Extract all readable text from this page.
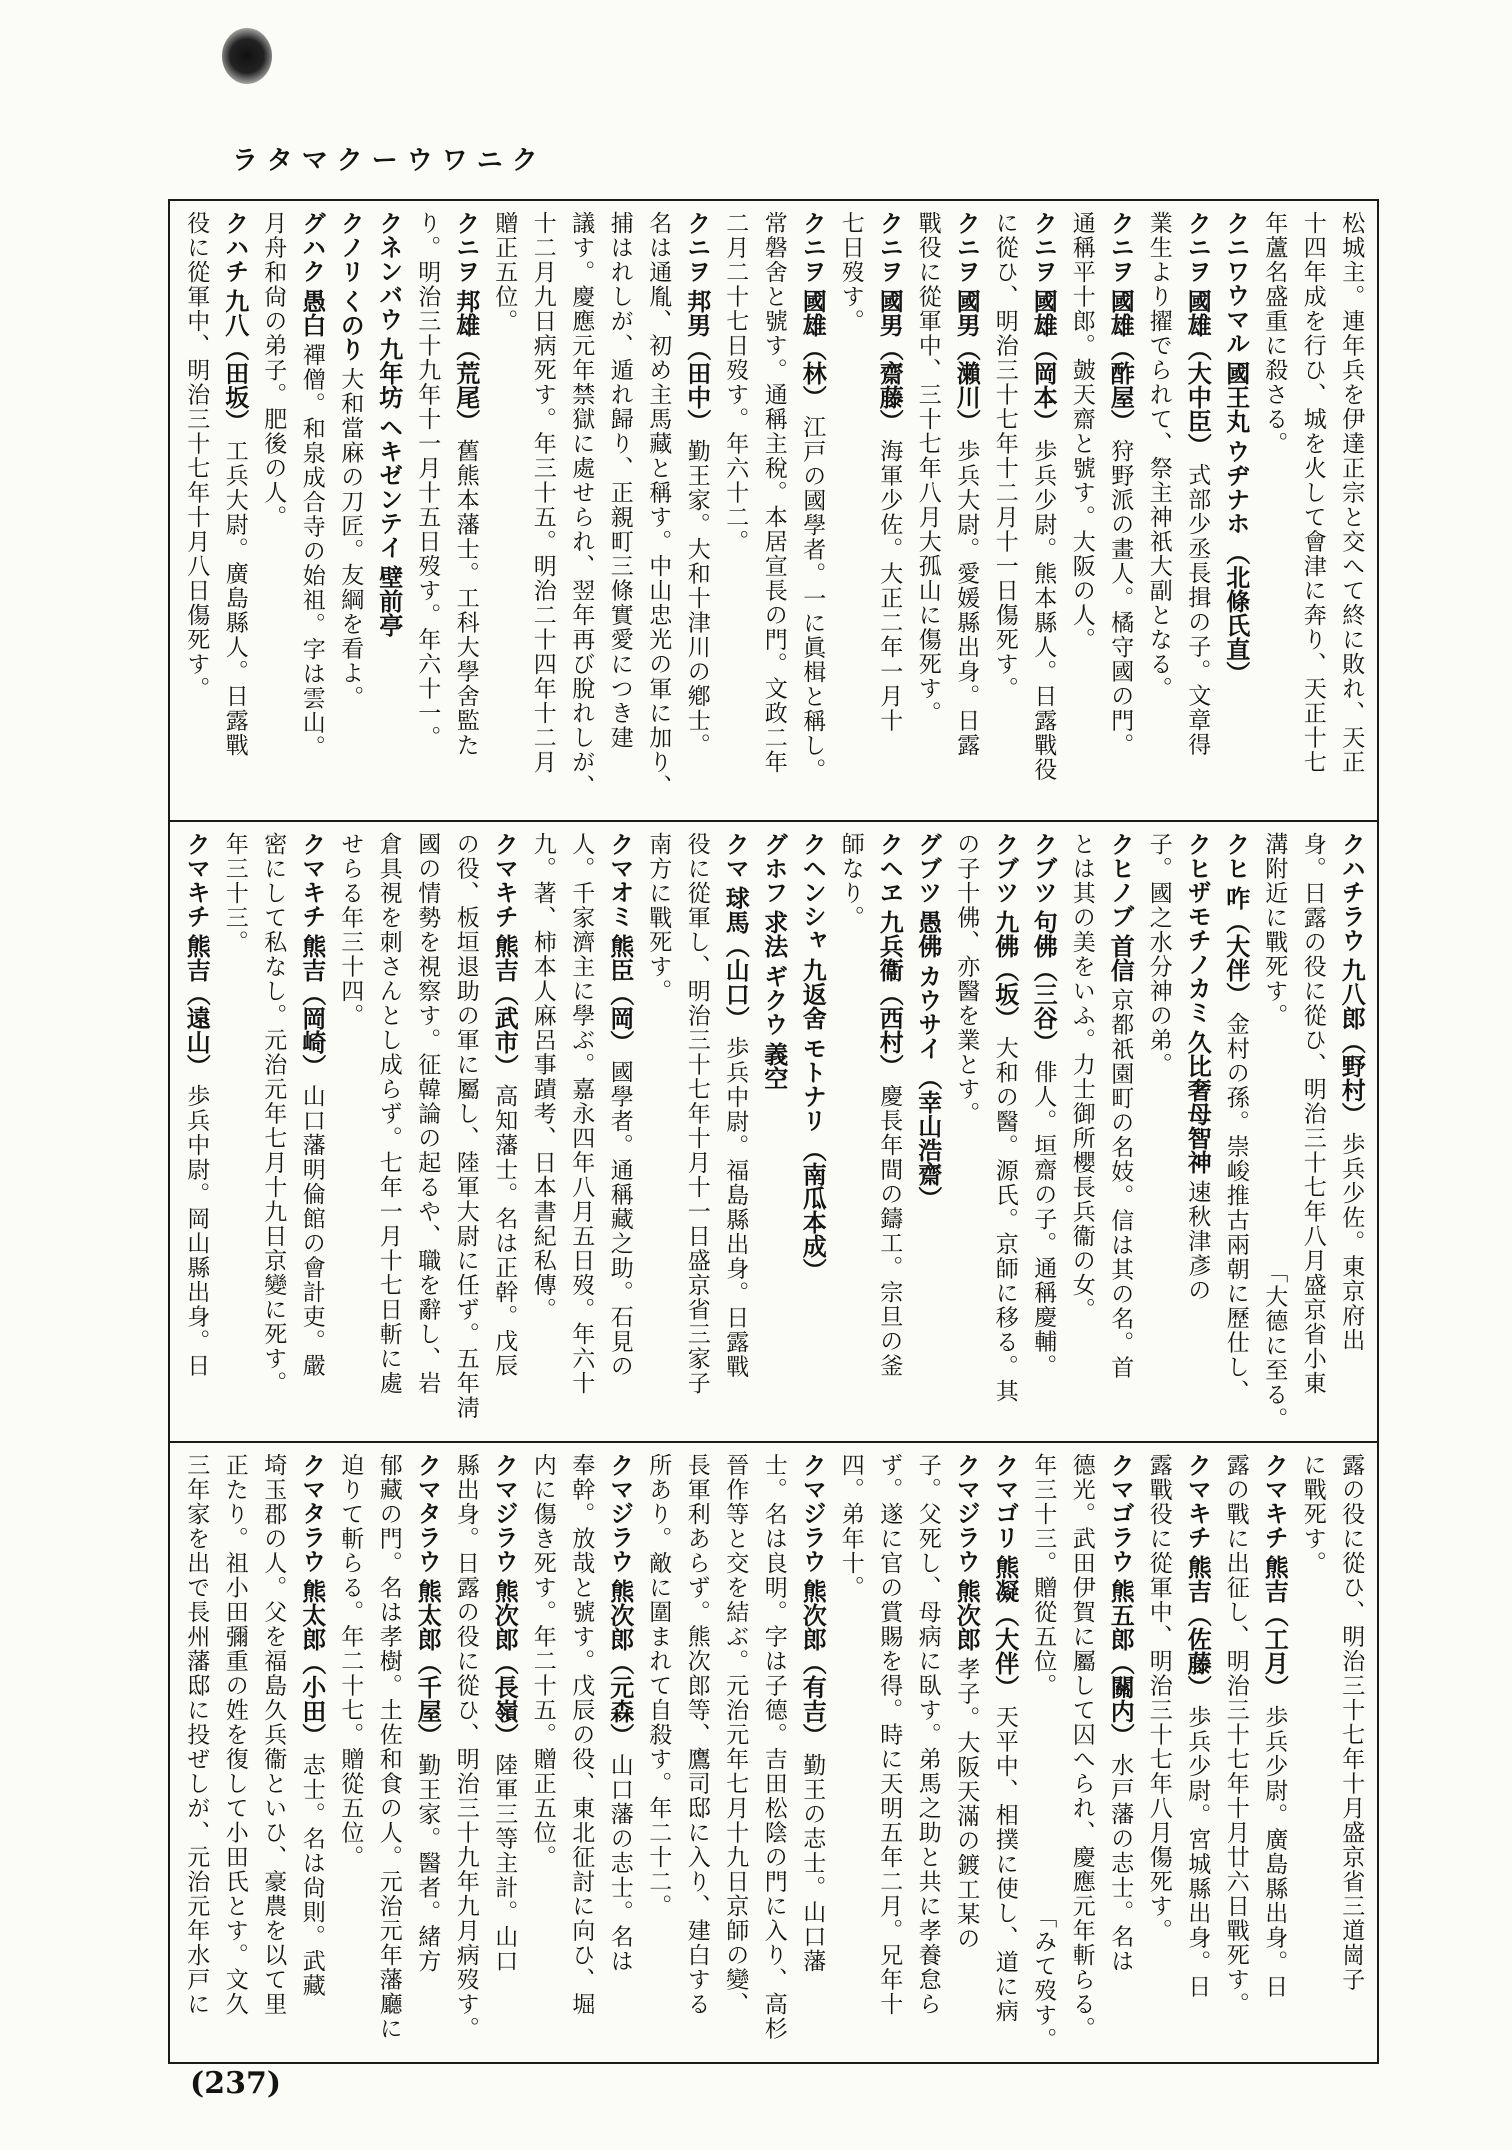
ラタマクーウワニク
松城主。連年兵を伊達正宗と交へて終に敗れ、天正
十四年成を行ひ、城を火して會津に奔り、天正十七
年蘆名盛重に殺さる。
クニワウマル
國王丸
ウヂナホ
（北條氏直）
クニヲ
國雄（大中臣）
式部少丞長揖の子。文章得
業生より擢でられて、祭主神祇大副となる。
クニヲ
國雄（酢屋）
狩野派の畫人。橘守國の門。
通稱平十郎。皷天齋と號す。大阪の人。
クニヲ
國雄（岡本）
歩兵少尉。熊本縣人。日露戰役
に從ひ、明治三十七年十二月十一日傷死す。
クニヲ
國男（瀨川）
歩兵大尉。愛媛縣出身。日露
戰役に從軍中、三十七年八月大孤山に傷死す。
クニヲ
國男（齋藤）
海軍少佐。大正二年一月十
七日歿す。
クニヲ
國雄（林）
江戸の國學者。一に眞楫と稱し。
常磐舍と號す。通稱主稅。本居宣長の門。文政二年
二月二十七日歿す。年六十二。
クニヲ
邦男（田中）
勤王家。大和十津川の鄕士。
名は通胤、初め主馬藏と稱す。中山忠光の軍に加り、
捕はれしが、遁れ歸り、正親町三條實愛につき建
議す。慶應元年禁獄に處せられ、翌年再び脫れしが、
十二月九日病死す。年三十五。明治二十四年十二月
贈正五位。
クニヲ
邦雄（荒尾）
舊熊本藩士。工科大學舍監た
り。明治三十九年十一月十五日歿す。年六十一。
クネンバウ
九年坊
ヘキゼンテイ
壁前亭
クノリ
くのり
大和當麻の刀匠。友綱を看よ。
グハク
愚白
禪僧。和泉成合寺の始祖。字は雲山。
月舟和尙の弟子。肥後の人。
クハチ
九八（田坂）
工兵大尉。廣島縣人。日露戰
役に從軍中、明治三十七年十月八日傷死す。
クハチラウ
九八郎（野村）
歩兵少佐。東京府出
身。日露の役に從ひ、明治三十七年八月盛京省小東
溝附近に戰死す。
「大德に至る。
クヒ
咋（大伴）
金村の孫。崇峻推古兩朝に歷仕し、
クヒザモチノカミ
久比奢母智神
速秋津彥の
子。國之水分神の弟。
クヒノブ
首信
京都祇園町の名妓。信は其の名。首
とは其の美をいふ。力士御所櫻長兵衞の女。
クブツ
句佛（三谷）
俳人。垣齋の子。通稱慶輔。
クブツ
九佛（坂）
大和の醫。源氏。京師に移る。其
の子十佛、亦醫を業とす。
グブツ
愚佛
カウサイ
（幸山浩齋）
クヘヱ
九兵衞（西村）
慶長年間の鑄工。宗旦の釜
師なり。
クヘンシャ
九返舍
モトナリ
（南瓜本成）
グホフ
求法
ギクウ
義空
クマ
球馬（山口）
歩兵中尉。福島縣出身。日露戰
役に從軍し、明治三十七年十月十一日盛京省三家子
南方に戰死す。
クマオミ
熊臣（岡）
國學者。通稱藏之助。石見の
人。千家濟主に學ぶ。嘉永四年八月五日歿。年六十
九。著、柿本人麻呂事蹟考、日本書紀私傳。
クマキチ
熊吉（武市）
高知藩士。名は正幹。戊辰
の役、板垣退助の軍に屬し、陸軍大尉に任ず。五年淸
國の情勢を視察す。征韓論の起るや、職を辭し、岩
倉具視を刺さんとし成らず。七年一月十七日斬に處
せらる年三十四。
クマキチ
熊吉（岡崎）
山口藩明倫館の會計吏。嚴
密にして私なし。元治元年七月十九日京變に死す。
年三十三。
クマキチ
熊吉（遠山）
歩兵中尉。岡山縣出身。日
露の役に從ひ、明治三十七年十月盛京省三道崗子
に戰死す。
クマキチ
熊吉（工月）
歩兵少尉。廣島縣出身。日
露の戰に出征し、明治三十七年十月廿六日戰死す。
クマキチ
熊吉（佐藤）
歩兵少尉。宮城縣出身。日
露戰役に從軍中、明治三十七年八月傷死す。
クマゴラウ
熊五郎（關内）
水戸藩の志士。名は
德光。武田伊賀に屬して囚へられ、慶應元年斬らる。
年三十三。贈從五位。
「みて歿す。
クマゴリ
熊凝（大伴）
天平中、相撲に使し、道に病
クマジラウ
熊次郎
孝子。大阪天滿の鍍工某の
子。父死し、母病に臥す。弟馬之助と共に孝養怠ら
ず。遂に官の賞賜を得。時に天明五年二月。兄年十
四。弟年十。
クマジラウ
熊次郎（有吉）
勤王の志士。山口藩
士。名は良明。字は子德。吉田松陰の門に入り、高杉
晉作等と交を結ぶ。元治元年七月十九日京師の變、
長軍利あらず。熊次郎等、鷹司邸に入り、建白する
所あり。敵に圍まれて自殺す。年二十二。
クマジラウ
熊次郎（元森）
山口藩の志士。名は
奉幹。放哉と號す。戊辰の役、東北征討に向ひ、堀
内に傷き死す。年二十五。贈正五位。
クマジラウ
熊次郎（長嶺）
陸軍三等主計。山口
縣出身。日露の役に從ひ、明治三十九年九月病歿す。
クマタラウ
熊太郎（千屋）
勤王家。醫者。緒方
郁藏の門。名は孝樹。土佐和食の人。元治元年藩廳に
迫りて斬らる。年二十七。贈從五位。
クマタラウ
熊太郎（小田）
志士。名は尙則。武藏
埼玉郡の人。父を福島久兵衞といひ、豪農を以て里
正たり。祖小田彌重の姓を復して小田氏とす。文久
三年家を出で長州藩邸に投ぜしが、元治元年水戸に
(237)
